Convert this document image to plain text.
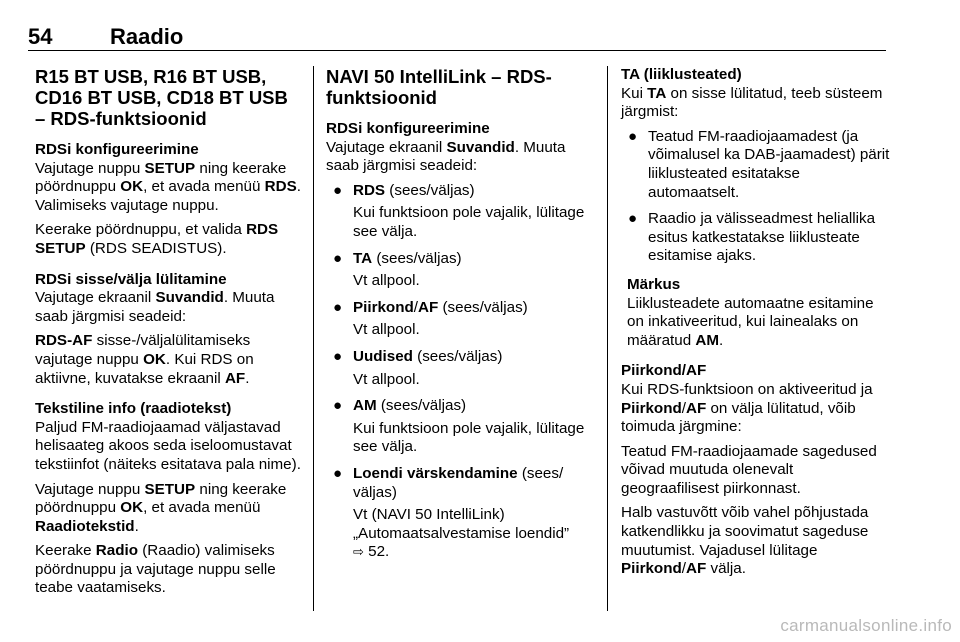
54	Raadio
R15 BT USB, R16 BT USB, CD16 BT USB, CD18 BT USB – RDS-funktsioonid
RDSi konfigureerimine

Vajutage nuppu SETUP ning keerake pöördnuppu OK, et avada menüü RDS. Valimiseks vajutage nuppu.

Keerake pöördnuppu, et valida RDS SETUP (RDS SEADISTUS).

RDSi sisse/välja lülitamine

Vajutage ekraanil Suvandid. Muuta saab järgmisi seadeid:

RDS-AF sisse-/väljalülitamiseks vajutage nuppu OK. Kui RDS on aktiivne, kuvatakse ekraanil AF.

Tekstiline info (raadiotekst)

Paljud FM-raadiojaamad väljastavad helisaateg akoos seda iseloomustavat tekstiinfot (näiteks esitatava pala nime).

Vajutage nuppu SETUP ning keerake pöördnuppu OK, et avada menüü Raadiotekstid.

Keerake Radio (Raadio) valimiseks pöördnuppu ja vajutage nuppu selle teabe vaatamiseks.

NAVI 50 IntelliLink – RDS-funktsioonid
RDSi konfigureerimine

Vajutage ekraanil Suvandid. Muuta saab järgmisi seadeid:

● RDS (sees/väljas)

Kui funktsioon pole vajalik, lülitage see välja.

● TA (sees/väljas)

Vt allpool.

● Piirkond/AF (sees/väljas)

Vt allpool.

● Uudised (sees/väljas)

Vt allpool.

● AM (sees/väljas)

Kui funktsioon pole vajalik, lülitage see välja.

● Loendi värskendamine (sees/ väljas)

Vt (NAVI 50 IntelliLink) „Automaatsalvestamise loendid”
⇨ 52.

TA (liiklusteated)

Kui TA on sisse lülitatud, teeb süsteem järgmist:

● Teatud FM-raadiojaamadest (ja võimalusel ka DAB-jaamadest) pärit liiklusteated esitatakse automaatselt.
● Raadio ja välisseadmest heliallika esitus katkestatakse liiklusteate esitamise ajaks.
Märkus
Liiklusteadete automaatne esitamine on inkativeeritud, kui lainealaks on määratud AM.
Piirkond/AF

Kui RDS-funktsioon on aktiveeritud ja Piirkond/AF on välja lülitatud, võib toimuda järgmine:

Teatud FM-raadiojaamade sagedused võivad muutuda olenevalt geograafilisest piirkonnast.

Halb vastuvõtt võib vahel põhjustada katkendlikku ja soovimatut sageduse muutumist. Vajadusel lülitage
Piirkond/AF välja.

carmanualsonline.info
